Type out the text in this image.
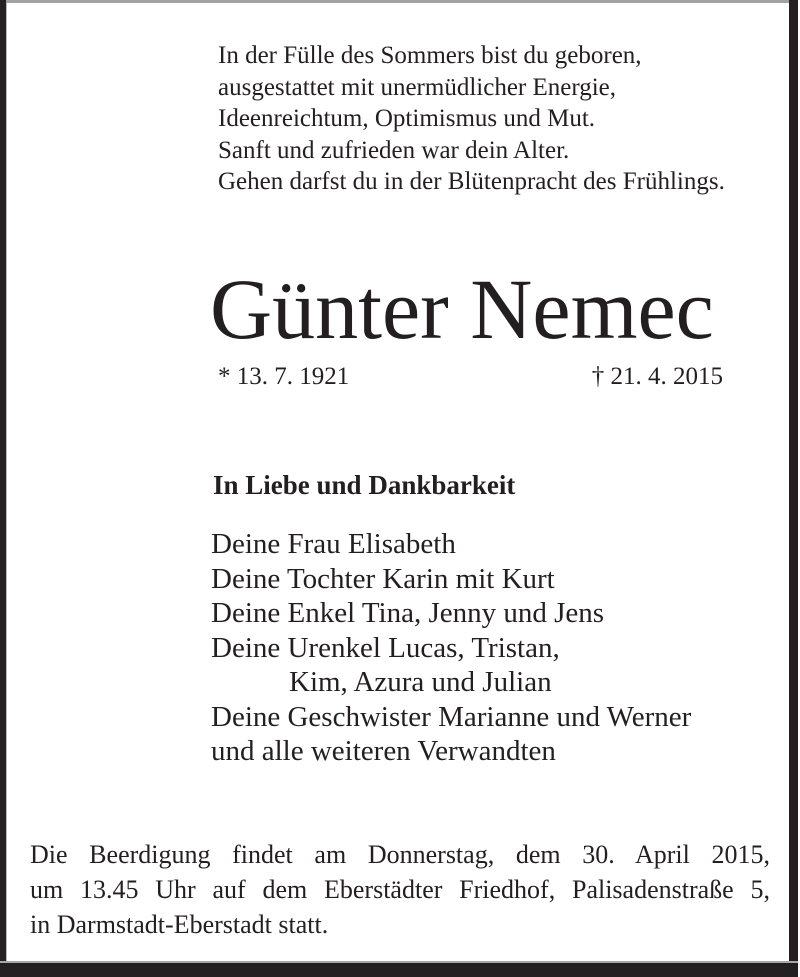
In der Fülle des Sommers bist du geboren,
ausgestattet mit unermüdlicher Energie,
Ideenreichtum, Optimismus und Mut.
Sanft und zufrieden war dein Alter.
Gehen darfst du in der Blütenpracht des Frühlings.
Günter Nemec
* 13. 7. 1921	† 21. 4. 2015
In Liebe und Dankbarkeit
Deine Frau Elisabeth
Deine Tochter Karin mit Kurt
Deine Enkel Tina, Jenny und Jens
Deine Urenkel Lucas, Tristan,
Kim, Azura und Julian
Deine Geschwister Marianne und Werner
und alle weiteren Verwandten
Die Beerdigung findet am Donnerstag, dem 30. April 2015,
um 13.45 Uhr auf dem Eberstädter Friedhof, Palisadenstraße 5,
in Darmstadt-Eberstadt statt.
